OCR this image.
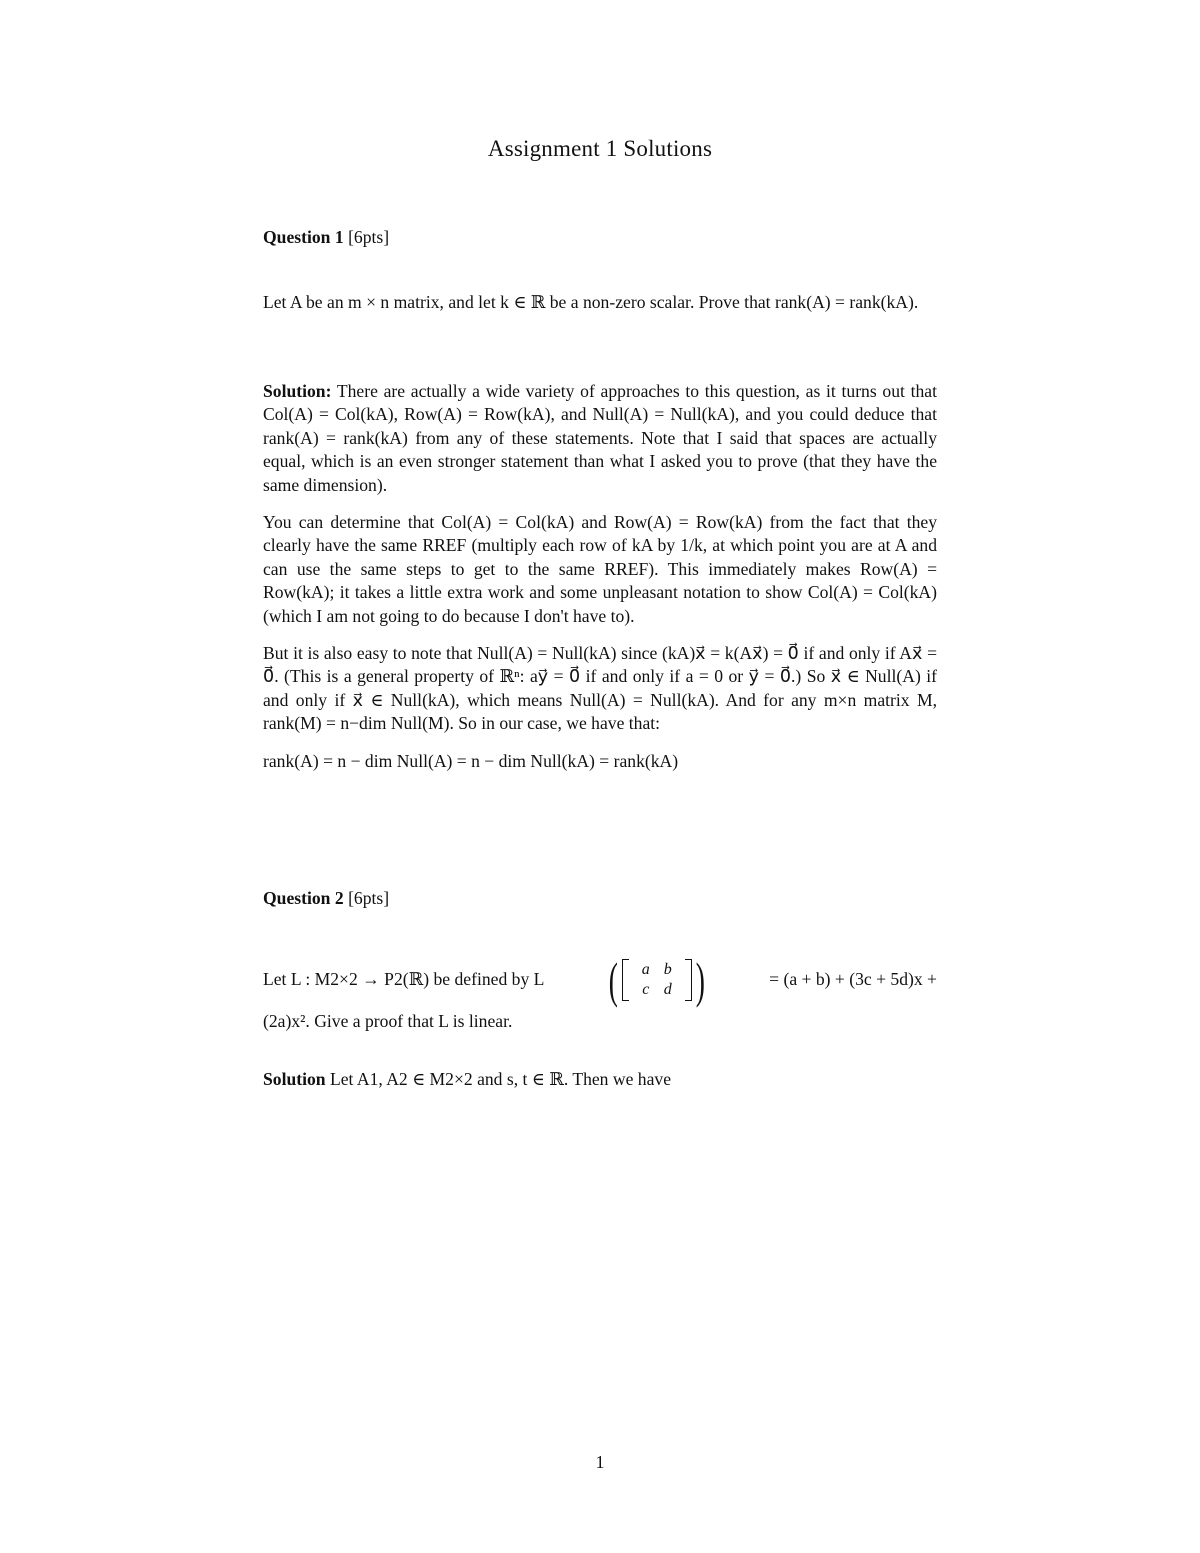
Assignment 1 Solutions
Question 1 [6pts]

Let A be an m × n matrix, and let k ∈ ℝ be a non-zero scalar. Prove that rank(A) = rank(kA).

Solution: There are actually a wide variety of approaches to this question, as it turns out that Col(A) = Col(kA), Row(A) = Row(kA), and Null(A) = Null(kA), and you could deduce that rank(A) = rank(kA) from any of these statements. Note that I said that spaces are actually equal, which is an even stronger statement than what I asked you to prove (that they have the same dimension).

You can determine that Col(A) = Col(kA) and Row(A) = Row(kA) from the fact that they clearly have the same RREF (multiply each row of kA by 1/k, at which point you are at A and can use the same steps to get to the same RREF). This immediately makes Row(A) = Row(kA); it takes a little extra work and some unpleasant notation to show Col(A) = Col(kA) (which I am not going to do because I don't have to).

But it is also easy to note that Null(A) = Null(kA) since (kA)x⃗ = k(Ax⃗) = 0⃗ if and only if Ax⃗ = 0⃗. (This is a general property of ℝⁿ: ay⃗ = 0⃗ if and only if a = 0 or y⃗ = 0⃗.) So x⃗ ∈ Null(A) if and only if x⃗ ∈ Null(kA), which means Null(A) = Null(kA). And for any m×n matrix M, rank(M) = n−dim Null(M). So in our case, we have that:

rank(A) = n − dim Null(A) = n − dim Null(kA) = rank(kA)

Question 2 [6pts]
Let L : M2×2 → P2(ℝ) be defined by L (	a b
c d )	= (a + b) + (3c + 5d)x +
(2a)x². Give a proof that L is linear.
Solution Let A1, A2 ∈ M2×2 and s, t ∈ ℝ. Then we have
1
